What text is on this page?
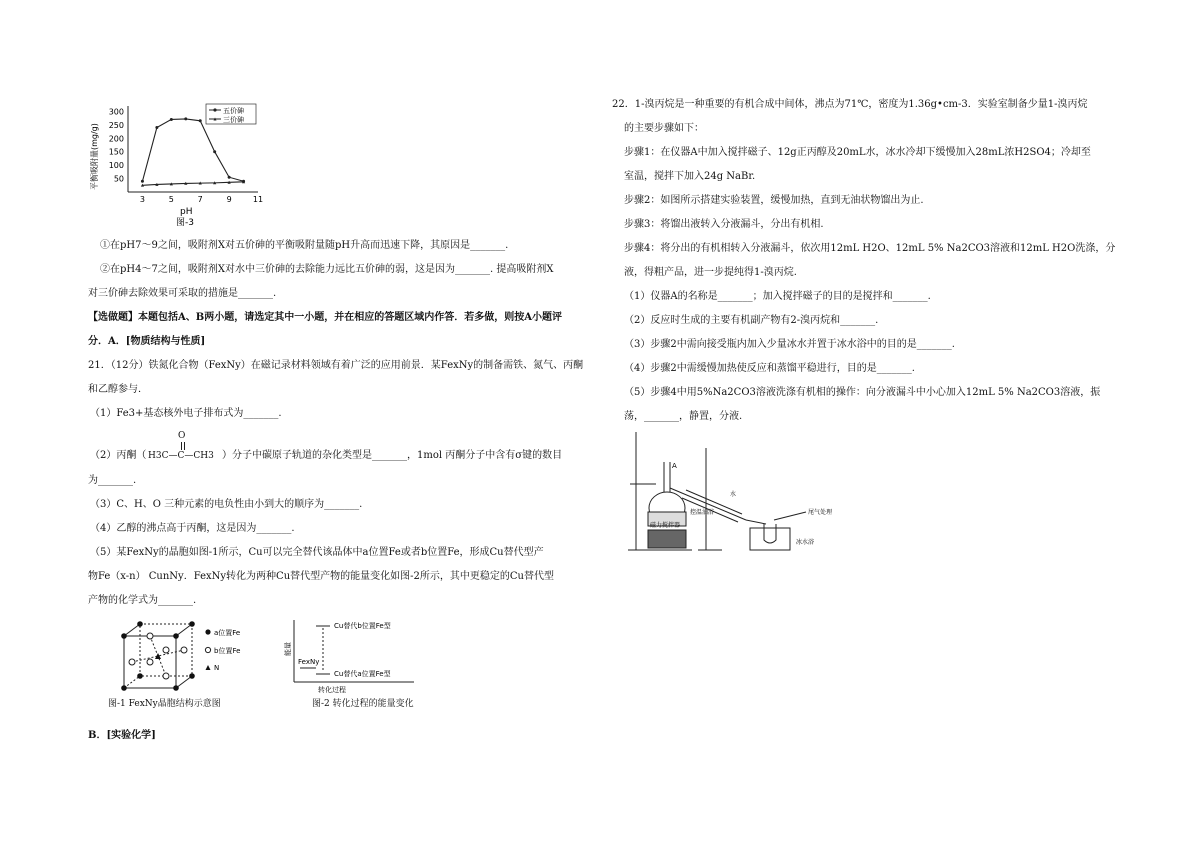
300
250
200
150
100
50
3	5	7	9	11
平衡吸附量(mg/g)
pH
图-3
五价砷
三价砷
①在pH7～9之间，吸附剂X对五价砷的平衡吸附量随pH升高而迅速下降，其原因是_______.
②在pH4～7之间，吸附剂X对水中三价砷的去除能力远比五价砷的弱，这是因为_______. 提高吸附剂X
对三价砷去除效果可采取的措施是_______.
【选做题】本题包括A、B两小题，请选定其中一小题，并在相应的答题区域内作答．若多做，则按A小题评
分．A．[物质结构与性质]
21．（12分）铁氮化合物（FexNy）在磁记录材料领域有着广泛的应用前景．某FexNy的制备需铁、氮气、丙酮
和乙醇参与．
（1）Fe3+基态核外电子排布式为_______.
O
（2）丙酮（ H3C—C—CH3 ）分子中碳原子轨道的杂化类型是_______，1mol 丙酮分子中含有σ键的数目
为_______.
（3）C、H、O 三种元素的电负性由小到大的顺序为_______.
（4）乙醇的沸点高于丙酮，这是因为_______.
（5）某FexNy的晶胞如图-1所示，Cu可以完全替代该晶体中a位置Fe或者b位置Fe，形成Cu替代型产
物Fe（x-n） CunNy．FexNy转化为两种Cu替代型产物的能量变化如图-2所示，其中更稳定的Cu替代型
产物的化学式为_______.
a位置Fe
b位置Fe
N
图-1 FexNy晶胞结构示意图
Cu替代b位置Fe型
Cu替代a位置Fe型
FexNy
能量
转化过程
图-2 转化过程的能量变化
B．[实验化学]
22．1-溴丙烷是一种重要的有机合成中间体，沸点为71℃，密度为1.36g•cm-3．实验室制备少量1-溴丙烷
的主要步骤如下：
步骤1：在仪器A中加入搅拌磁子、12g正丙醇及20mL水，冰水冷却下缓慢加入28mL浓H2SO4；冷却至
室温，搅拌下加入24g NaBr.
步骤2：如图所示搭建实验装置，缓慢加热，直到无油状物馏出为止.
步骤3：将馏出液转入分液漏斗，分出有机相.
步骤4：将分出的有机相转入分液漏斗，依次用12mL H2O、12mL 5% Na2CO3溶液和12mL H2O洗涤，分
液，得粗产品，进一步提纯得1-溴丙烷.
（1）仪器A的名称是_______；加入搅拌磁子的目的是搅拌和_______.
（2）反应时生成的主要有机副产物有2-溴丙烷和_______.
（3）步骤2中需向接受瓶内加入少量冰水并置于冰水浴中的目的是_______.
（4）步骤2中需缓慢加热使反应和蒸馏平稳进行，目的是_______.
（5）步骤4中用5%Na2CO3溶液洗涤有机相的操作：向分液漏斗中小心加入12mL 5% Na2CO3溶液，振
荡，_______，静置，分液.
A
控温油浴
磁力搅拌器
水
尾气处理
冰水浴
